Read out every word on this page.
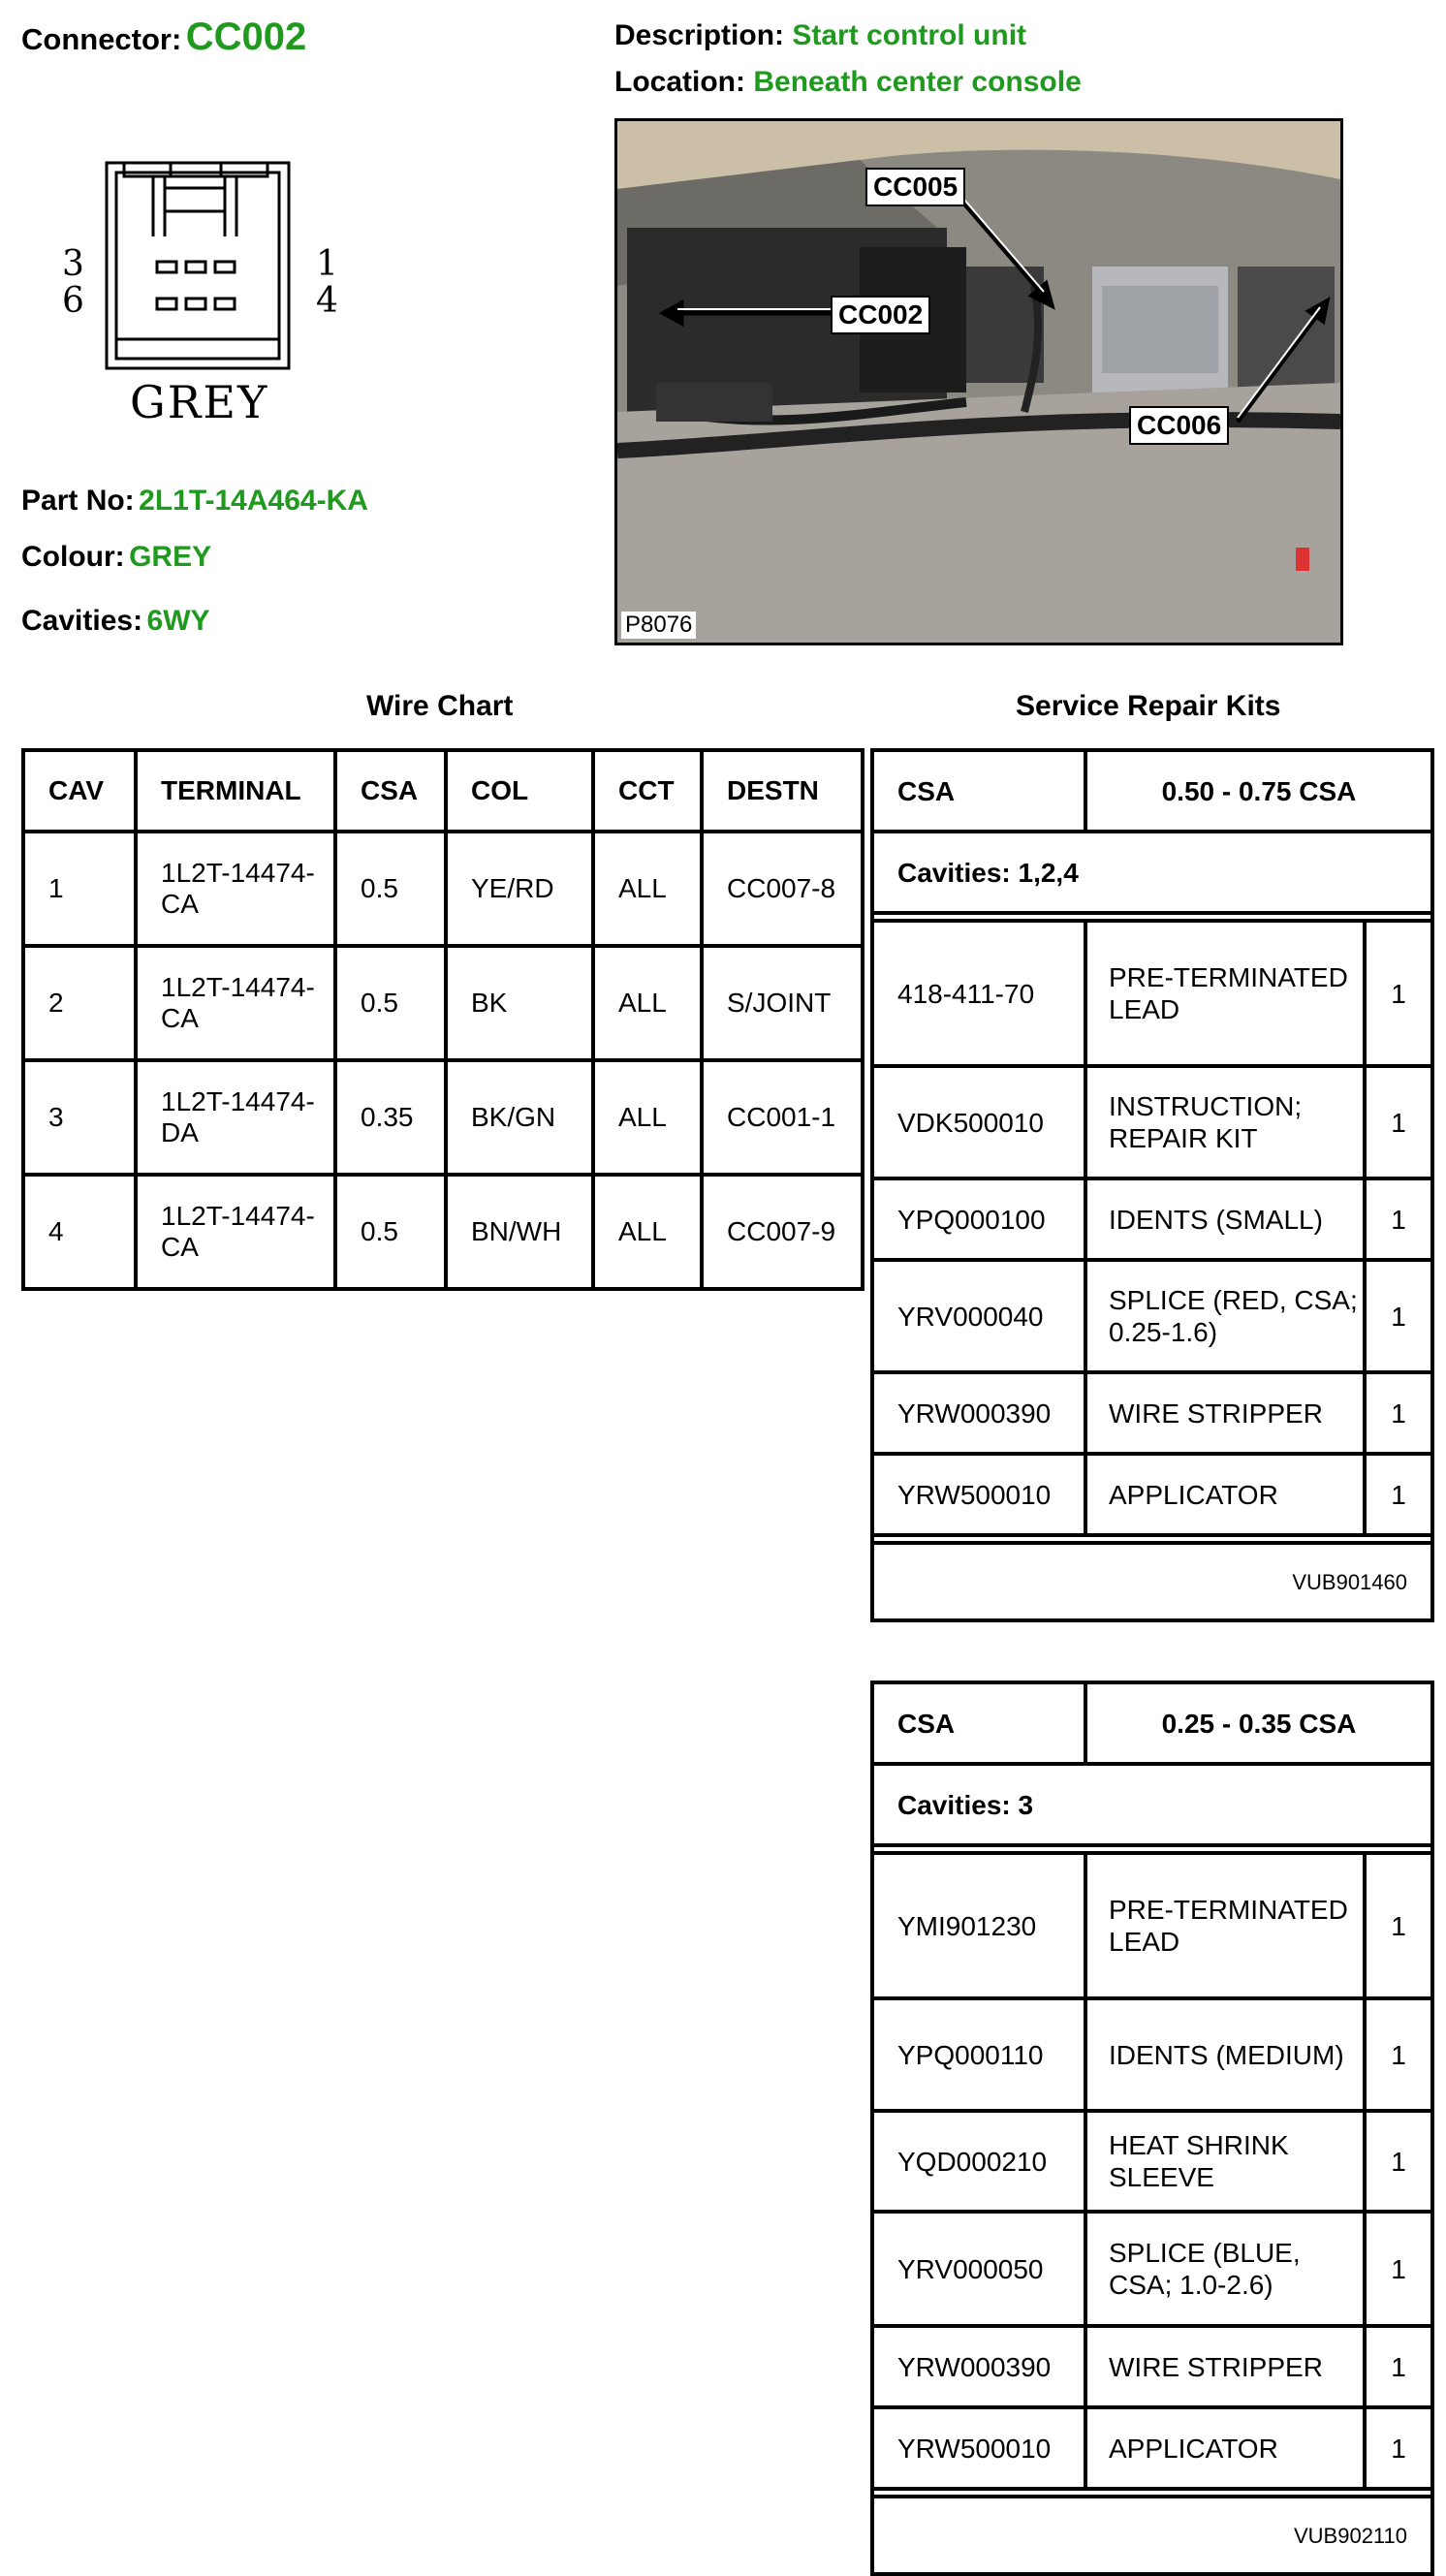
Connector: CC002	Description: Start control unit
Location: Beneath center console
3
6
1
4
GREY
Part No: 2L1T-14A464-KA
Colour: GREY
Cavities: 6WY
CC005
CC002
CC006
P8076
Wire Chart	Service Repair Kits
CAV	TERMINAL	CSA	COL	CCT	DESTN
1	1L2T-14474-CA	0.5	YE/RD	ALL	CC007-8
2	1L2T-14474-CA	0.5	BK	ALL	S/JOINT
3	1L2T-14474-DA	0.35	BK/GN	ALL	CC001-1
4	1L2T-14474-CA	0.5	BN/WH	ALL	CC007-9
CSA	0.50 - 0.75 CSA	
Cavities: 1,2,4		

418-411-70	PRE-TERMINATED LEAD	1
VDK500010	INSTRUCTION; REPAIR KIT	1
YPQ000100	IDENTS (SMALL)	1
YRV000040	SPLICE (RED, CSA; 0.25-1.6)	1
YRW000390	WIRE STRIPPER	1
YRW500010	APPLICATOR	1

VUB901460		
CSA	0.25 - 0.35 CSA	
Cavities: 3		

YMI901230	PRE-TERMINATED LEAD	1
YPQ000110	IDENTS (MEDIUM)	1
YQD000210	HEAT SHRINK SLEEVE	1
YRV000050	SPLICE (BLUE, CSA; 1.0-2.6)	1
YRW000390	WIRE STRIPPER	1
YRW500010	APPLICATOR	1

VUB902110		
